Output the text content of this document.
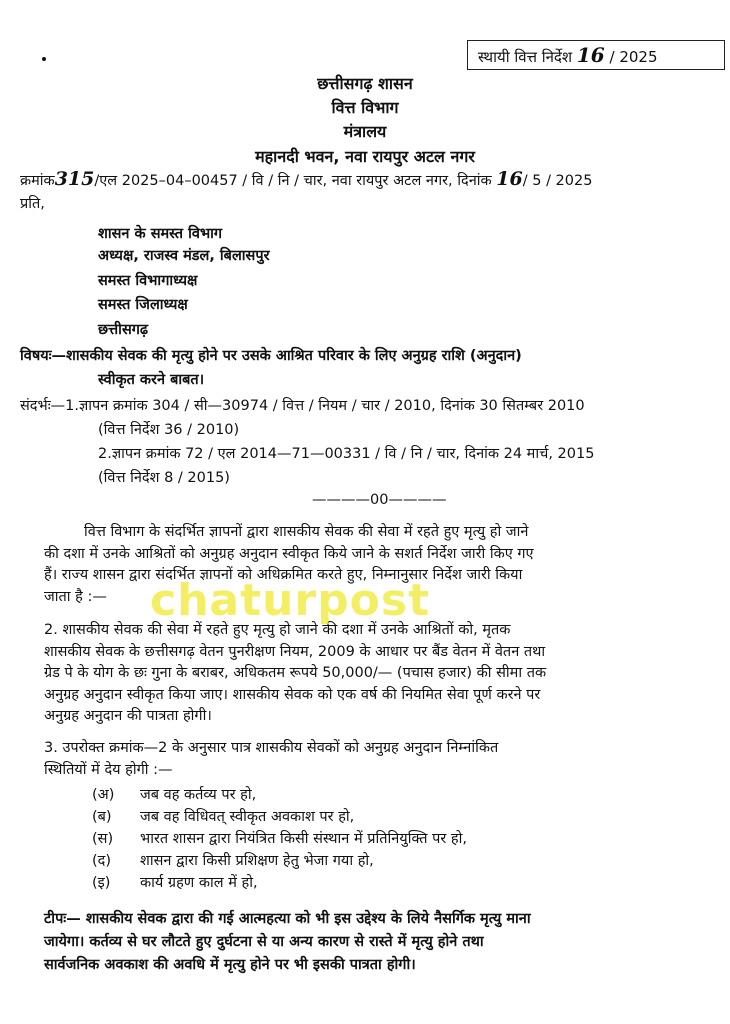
स्थायी वित्त निर्देश 16 / 2025
छत्तीसगढ़ शासन
वित्त विभाग
मंत्रालय
महानदी भवन, नवा रायपुर अटल नगर
क्रमांक315/एल 2025–04–00457 / वि / नि / चार, नवा रायपुर अटल नगर, दिनांक 16/ 5 / 2025
प्रति,
शासन के समस्त विभाग
अध्यक्ष, राजस्व मंडल, बिलासपुर
समस्त विभागाध्यक्ष
समस्त जिलाध्यक्ष
छत्तीसगढ़
विषयः—शासकीय सेवक की मृत्यु होने पर उसके आश्रित परिवार के लिए अनुग्रह राशि (अनुदान)
स्वीकृत करने बाबत।
संदर्भः—1.ज्ञापन क्रमांक 304 / सी—30974 / वित्त / नियम / चार / 2010, दिनांक 30 सितम्बर 2010
(वित्त निर्देश 36 / 2010)
2.ज्ञापन क्रमांक 72 / एल 2014—71—00331 / वि / नि / चार, दिनांक 24 मार्च, 2015
(वित्त निर्देश 8 / 2015)
————00————
वित्त विभाग के संदर्भित ज्ञापनों द्वारा शासकीय सेवक की सेवा में रहते हुए मृत्यु हो जाने
की दशा में उनके आश्रितों को अनुग्रह अनुदान स्वीकृत किये जाने के सशर्त निर्देश जारी किए गए
हैं। राज्य शासन द्वारा संदर्भित ज्ञापनों को अधिक्रमित करते हुए, निम्नानुसार निर्देश जारी किया
जाता है :—
2. शासकीय सेवक की सेवा में रहते हुए मृत्यु हो जाने की दशा में उनके आश्रितों को, मृतक
शासकीय सेवक के छत्तीसगढ़ वेतन पुनरीक्षण नियम, 2009 के आधार पर बैंड वेतन में वेतन तथा
ग्रेड पे के योग के छः गुना के बराबर, अधिकतम रूपये 50,000/— (पचास हजार) की सीमा तक
अनुग्रह अनुदान स्वीकृत किया जाए। शासकीय सेवक को एक वर्ष की नियमित सेवा पूर्ण करने पर
अनुग्रह अनुदान की पात्रता होगी।
3. उपरोक्त क्रमांक—2 के अनुसार पात्र शासकीय सेवकों को अनुग्रह अनुदान निम्नांकित
स्थितियों में देय होगी :—
(अ) जब वह कर्तव्य पर हो,
(ब) जब वह विधिवत् स्वीकृत अवकाश पर हो,
(स) भारत शासन द्वारा नियंत्रित किसी संस्थान में प्रतिनियुक्ति पर हो,
(द) शासन द्वारा किसी प्रशिक्षण हेतु भेजा गया हो,
(इ) कार्य ग्रहण काल में हो,
टीपः— शासकीय सेवक द्वारा की गई आत्महत्या को भी इस उद्देश्य के लिये नैसर्गिक मृत्यु माना
जायेगा। कर्तव्य से घर लौटते हुए दुर्घटना से या अन्य कारण से रास्ते में मृत्यु होने तथा
सार्वजनिक अवकाश की अवधि में मृत्यु होने पर भी इसकी पात्रता होगी।
chaturpost
